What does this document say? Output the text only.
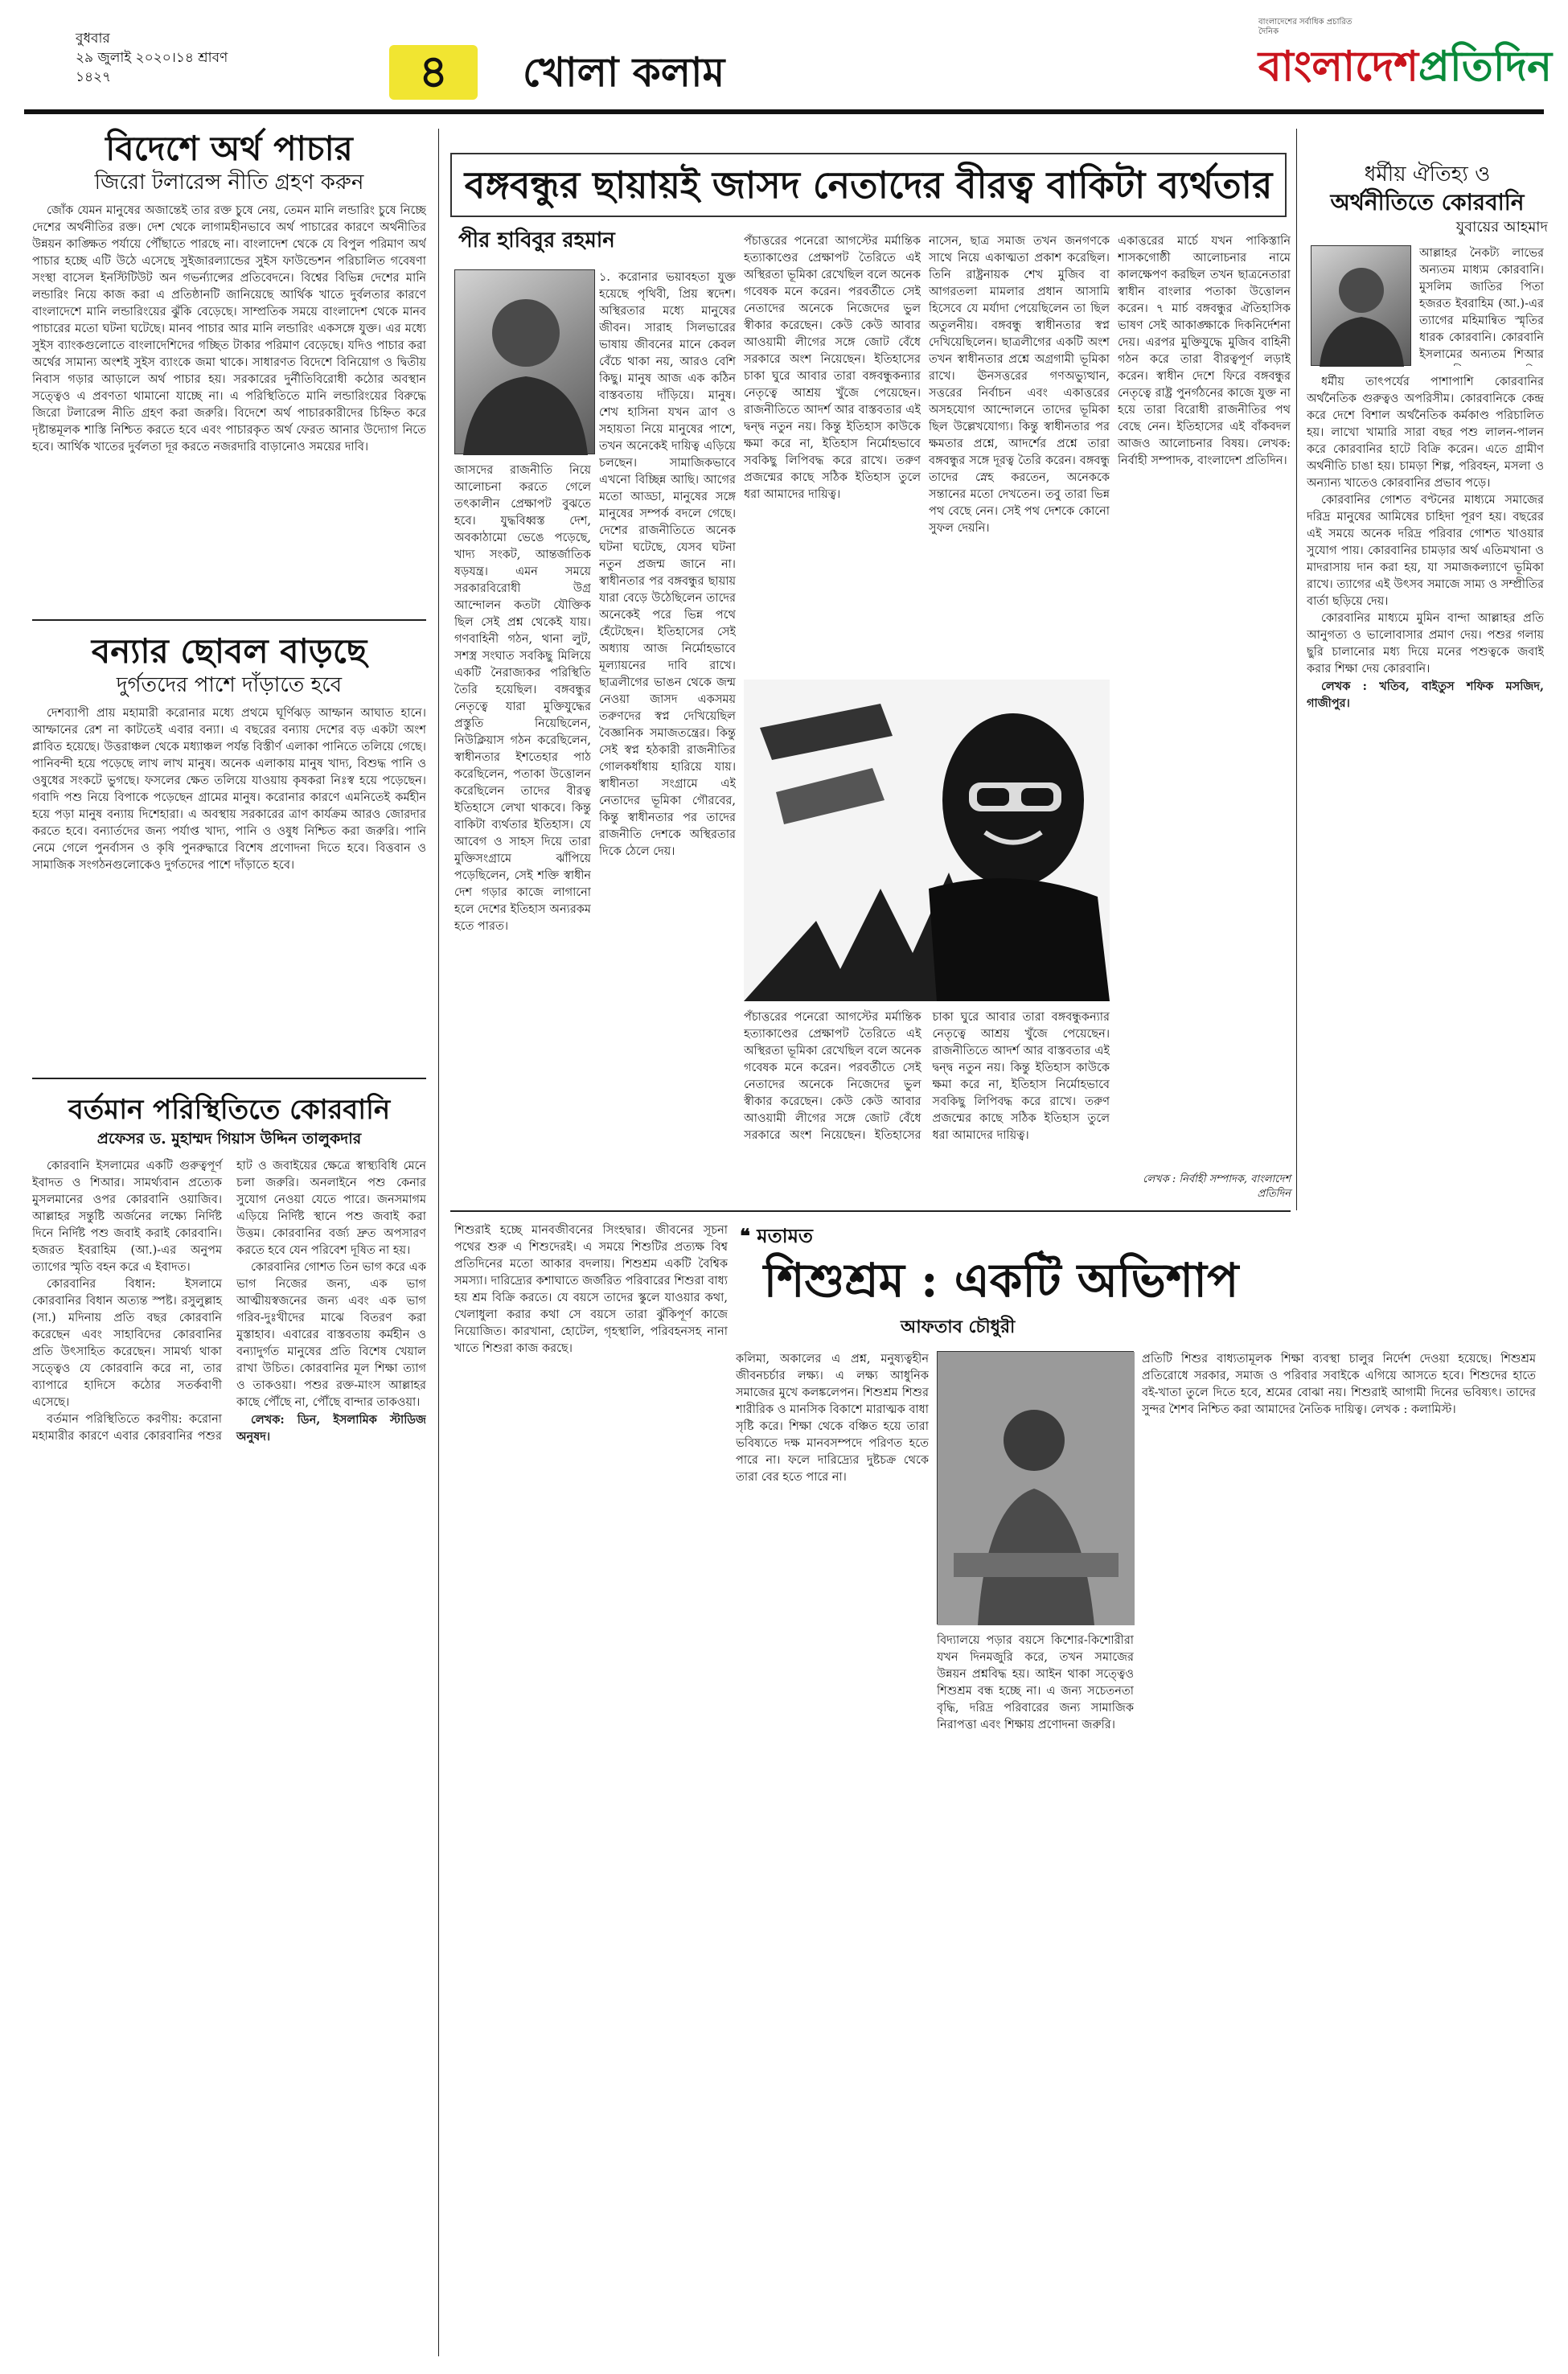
বুধবার
২৯ জুলাই ২০২০।১৪ শ্রাবণ ১৪২৭	৪	খোলা কলাম
বাংলাদেশের সর্বাধিক প্রচারিত দৈনিক
বাংলাদেশপ্রতিদিন
বিদেশে অর্থ পাচার
জিরো টলারেন্স নীতি গ্রহণ করুন

জোঁক যেমন মানুষের অজান্তেই তার রক্ত চুষে নেয়, তেমন মানি লন্ডারিং চুষে নিচ্ছে দেশের অর্থনীতির রক্ত। দেশ থেকে লাগামহীনভাবে অর্থ পাচারের কারণে অর্থনীতির উন্নয়ন কাঙ্ক্ষিত পর্যায়ে পৌঁছাতে পারছে না। বাংলাদেশ থেকে যে বিপুল পরিমাণ অর্থ পাচার হচ্ছে এটি উঠে এসেছে সুইজারল্যান্ডের সুইস ফাউন্ডেশন পরিচালিত গবেষণা সংস্থা বাসেল ইনস্টিটিউট অন গভর্ন্যান্সের প্রতিবেদনে। বিশ্বের বিভিন্ন দেশের মানি লন্ডারিং নিয়ে কাজ করা এ প্রতিষ্ঠানটি জানিয়েছে আর্থিক খাতে দুর্বলতার কারণে বাংলাদেশে মানি লন্ডারিংয়ের ঝুঁকি বেড়েছে। সাম্প্রতিক সময়ে বাংলাদেশ থেকে মানব পাচারের মতো ঘটনা ঘটেছে। মানব পাচার আর মানি লন্ডারিং একসঙ্গে যুক্ত। এর মধ্যে সুইস ব্যাংকগুলোতে বাংলাদেশিদের গচ্ছিত টাকার পরিমাণ বেড়েছে। যদিও পাচার করা অর্থের সামান্য অংশই সুইস ব্যাংকে জমা থাকে। সাধারণত বিদেশে বিনিয়োগ ও দ্বিতীয় নিবাস গড়ার আড়ালে অর্থ পাচার হয়। সরকারের দুর্নীতিবিরোধী কঠোর অবস্থান সত্ত্বেও এ প্রবণতা থামানো যাচ্ছে না। এ পরিস্থিতিতে মানি লন্ডারিংয়ের বিরুদ্ধে জিরো টলারেন্স নীতি গ্রহণ করা জরুরি। বিদেশে অর্থ পাচারকারীদের চিহ্নিত করে দৃষ্টান্তমূলক শাস্তি নিশ্চিত করতে হবে এবং পাচারকৃত অর্থ ফেরত আনার উদ্যোগ নিতে হবে। আর্থিক খাতের দুর্বলতা দূর করতে নজরদারি বাড়ানোও সময়ের দাবি।

বন্যার ছোবল বাড়ছে
দুর্গতদের পাশে দাঁড়াতে হবে

দেশব্যাপী প্রায় মহামারী করোনার মধ্যে প্রথমে ঘূর্ণিঝড় আম্ফান আঘাত হানে। আম্ফানের রেশ না কাটতেই এবার বন্যা। এ বছরের বন্যায় দেশের বড় একটা অংশ প্লাবিত হয়েছে। উত্তরাঞ্চল থেকে মধ্যাঞ্চল পর্যন্ত বিস্তীর্ণ এলাকা পানিতে তলিয়ে গেছে। পানিবন্দী হয়ে পড়েছে লাখ লাখ মানুষ। অনেক এলাকায় মানুষ খাদ্য, বিশুদ্ধ পানি ও ওষুধের সংকটে ভুগছে। ফসলের ক্ষেত তলিয়ে যাওয়ায় কৃষকরা নিঃস্ব হয়ে পড়েছেন। গবাদি পশু নিয়ে বিপাকে পড়েছেন গ্রামের মানুষ। করোনার কারণে এমনিতেই কর্মহীন হয়ে পড়া মানুষ বন্যায় দিশেহারা। এ অবস্থায় সরকারের ত্রাণ কার্যক্রম আরও জোরদার করতে হবে। বন্যার্তদের জন্য পর্যাপ্ত খাদ্য, পানি ও ওষুধ নিশ্চিত করা জরুরি। পানি নেমে গেলে পুনর্বাসন ও কৃষি পুনরুদ্ধারে বিশেষ প্রণোদনা দিতে হবে। বিত্তবান ও সামাজিক সংগঠনগুলোকেও দুর্গতদের পাশে দাঁড়াতে হবে।

বর্তমান পরিস্থিতিতে কোরবানি
প্রফেসর ড. মুহাম্মদ গিয়াস উদ্দিন তালুকদার

কোরবানি ইসলামের একটি গুরুত্বপূর্ণ ইবাদত ও শিআর। সামর্থ্যবান প্রত্যেক মুসলমানের ওপর কোরবানি ওয়াজিব। আল্লাহর সন্তুষ্টি অর্জনের লক্ষ্যে নির্দিষ্ট দিনে নির্দিষ্ট পশু জবাই করাই কোরবানি। হজরত ইবরাহিম (আ.)-এর অনুপম ত্যাগের স্মৃতি বহন করে এ ইবাদত।

কোরবানির বিধান: ইসলামে কোরবানির বিধান অত্যন্ত স্পষ্ট। রসুলুল্লাহ (সা.) মদিনায় প্রতি বছর কোরবানি করেছেন এবং সাহাবিদের কোরবানির প্রতি উৎসাহিত করেছেন। সামর্থ্য থাকা সত্ত্বেও যে কোরবানি করে না, তার ব্যাপারে হাদিসে কঠোর সতর্কবাণী এসেছে।

বর্তমান পরিস্থিতিতে করণীয়: করোনা মহামারীর কারণে এবার কোরবানির পশুর হাট ও জবাইয়ের ক্ষেত্রে স্বাস্থ্যবিধি মেনে চলা জরুরি। অনলাইনে পশু কেনার সুযোগ নেওয়া যেতে পারে। জনসমাগম এড়িয়ে নির্দিষ্ট স্থানে পশু জবাই করা উত্তম। কোরবানির বর্জ্য দ্রুত অপসারণ করতে হবে যেন পরিবেশ দূষিত না হয়।

কোরবানির গোশত তিন ভাগ করে এক ভাগ নিজের জন্য, এক ভাগ আত্মীয়স্বজনের জন্য এবং এক ভাগ গরিব-দুঃখীদের মাঝে বিতরণ করা মুস্তাহাব। এবারের বাস্তবতায় কর্মহীন ও বন্যাদুর্গত মানুষের প্রতি বিশেষ খেয়াল রাখা উচিত। কোরবানির মূল শিক্ষা ত্যাগ ও তাকওয়া। পশুর রক্ত-মাংস আল্লাহর কাছে পৌঁছে না, পৌঁছে বান্দার তাকওয়া।

লেখক: ডিন, ইসলামিক স্টাডিজ অনুষদ।

বঙ্গবন্ধুর ছায়ায়ই জাসদ নেতাদের বীরত্ব বাকিটা ব্যর্থতার
পীর হাবিবুর রহমান
১. করোনার ভয়াবহতা যুক্ত হয়েছে পৃথিবী, প্রিয় স্বদেশ। অস্থিরতার মধ্যে মানুষের জীবন। সারাহ সিলভারের ভাষায় জীবনের মানে কেবল বেঁচে থাকা নয়, আরও বেশি কিছু। মানুষ আজ এক কঠিন বাস্তবতায় দাঁড়িয়ে। মানুষ। শেখ হাসিনা যখন ত্রাণ ও সহায়তা নিয়ে মানুষের পাশে, তখন অনেকেই দায়িত্ব এড়িয়ে চলছেন। সামাজিকভাবে এখনো বিচ্ছিন্ন আছি। আগের মতো আড্ডা, মানুষের সঙ্গে মানুষের সম্পর্ক বদলে গেছে। দেশের রাজনীতিতে অনেক ঘটনা ঘটেছে, যেসব ঘটনা নতুন প্রজন্ম জানে না। স্বাধীনতার পর বঙ্গবন্ধুর ছায়ায় যারা বেড়ে উঠেছিলেন তাদের অনেকেই পরে ভিন্ন পথে হেঁটেছেন। ইতিহাসের সেই অধ্যায় আজ নির্মোহভাবে মূল্যায়নের দাবি রাখে। ছাত্রলীগের ভাঙন থেকে জন্ম নেওয়া জাসদ একসময় তরুণদের স্বপ্ন দেখিয়েছিল বৈজ্ঞানিক সমাজতন্ত্রের। কিন্তু সেই স্বপ্ন হঠকারী রাজনীতির গোলকধাঁধায় হারিয়ে যায়। স্বাধীনতা সংগ্রামে এই নেতাদের ভূমিকা গৌরবের, কিন্তু স্বাধীনতার পর তাদের রাজনীতি দেশকে অস্থিরতার দিকে ঠেলে দেয়।
জাসদের রাজনীতি নিয়ে আলোচনা করতে গেলে তৎকালীন প্রেক্ষাপট বুঝতে হবে। যুদ্ধবিধ্বস্ত দেশ, অবকাঠামো ভেঙে পড়েছে, খাদ্য সংকট, আন্তর্জাতিক ষড়যন্ত্র। এমন সময়ে সরকারবিরোধী উগ্র আন্দোলন কতটা যৌক্তিক ছিল সেই প্রশ্ন থেকেই যায়। গণবাহিনী গঠন, থানা লুট, সশস্ত্র সংঘাত সবকিছু মিলিয়ে একটি নৈরাজ্যকর পরিস্থিতি তৈরি হয়েছিল। বঙ্গবন্ধুর নেতৃত্বে যারা মুক্তিযুদ্ধের প্রস্তুতি নিয়েছিলেন, নিউক্লিয়াস গঠন করেছিলেন, স্বাধীনতার ইশতেহার পাঠ করেছিলেন, পতাকা উত্তোলন করেছিলেন তাদের বীরত্ব ইতিহাসে লেখা থাকবে। কিন্তু বাকিটা ব্যর্থতার ইতিহাস। যে আবেগ ও সাহস দিয়ে তারা মুক্তিসংগ্রামে ঝাঁপিয়ে পড়েছিলেন, সেই শক্তি স্বাধীন দেশ গড়ার কাজে লাগানো হলে দেশের ইতিহাস অন্যরকম হতে পারত।
পঁচাত্তরের পনেরো আগস্টের মর্মান্তিক হত্যাকাণ্ডের প্রেক্ষাপট তৈরিতে এই অস্থিরতা ভূমিকা রেখেছিল বলে অনেক গবেষক মনে করেন। পরবর্তীতে সেই নেতাদের অনেকে নিজেদের ভুল স্বীকার করেছেন। কেউ কেউ আবার আওয়ামী লীগের সঙ্গে জোট বেঁধে সরকারে অংশ নিয়েছেন। ইতিহাসের চাকা ঘুরে আবার তারা বঙ্গবন্ধুকন্যার নেতৃত্বে আশ্রয় খুঁজে পেয়েছেন। রাজনীতিতে আদর্শ আর বাস্তবতার এই দ্বন্দ্ব নতুন নয়। কিন্তু ইতিহাস কাউকে ক্ষমা করে না, ইতিহাস নির্মোহভাবে সবকিছু লিপিবদ্ধ করে রাখে। তরুণ প্রজন্মের কাছে সঠিক ইতিহাস তুলে ধরা আমাদের দায়িত্ব।
নাসেন, ছাত্র সমাজ তখন জনগণকে সাথে নিয়ে একাত্মতা প্রকাশ করেছিল। তিনি রাষ্ট্রনায়ক শেখ মুজিব বা আগরতলা মামলার প্রধান আসামি হিসেবে যে মর্যাদা পেয়েছিলেন তা ছিল অতুলনীয়। বঙ্গবন্ধু স্বাধীনতার স্বপ্ন দেখিয়েছিলেন। ছাত্রলীগের একটি অংশ তখন স্বাধীনতার প্রশ্নে অগ্রগামী ভূমিকা রাখে। ঊনসত্তরের গণঅভ্যুত্থান, সত্তরের নির্বাচন এবং একাত্তরের অসহযোগ আন্দোলনে তাদের ভূমিকা ছিল উল্লেখযোগ্য। কিন্তু স্বাধীনতার পর ক্ষমতার প্রশ্নে, আদর্শের প্রশ্নে তারা বঙ্গবন্ধুর সঙ্গে দূরত্ব তৈরি করেন। বঙ্গবন্ধু তাদের স্নেহ করতেন, অনেককে সন্তানের মতো দেখতেন। তবু তারা ভিন্ন পথ বেছে নেন। সেই পথ দেশকে কোনো সুফল দেয়নি।
একাত্তরের মার্চে যখন পাকিস্তানি শাসকগোষ্ঠী আলোচনার নামে কালক্ষেপণ করছিল তখন ছাত্রনেতারা স্বাধীন বাংলার পতাকা উত্তোলন করেন। ৭ মার্চ বঙ্গবন্ধুর ঐতিহাসিক ভাষণ সেই আকাঙ্ক্ষাকে দিকনির্দেশনা দেয়। এরপর মুক্তিযুদ্ধে মুজিব বাহিনী গঠন করে তারা বীরত্বপূর্ণ লড়াই করেন। স্বাধীন দেশে ফিরে বঙ্গবন্ধুর নেতৃত্বে রাষ্ট্র পুনর্গঠনের কাজে যুক্ত না হয়ে তারা বিরোধী রাজনীতির পথ বেছে নেন। ইতিহাসের এই বাঁকবদল আজও আলোচনার বিষয়। লেখক: নির্বাহী সম্পাদক, বাংলাদেশ প্রতিদিন।
পঁচাত্তরের পনেরো আগস্টের মর্মান্তিক হত্যাকাণ্ডের প্রেক্ষাপট তৈরিতে এই অস্থিরতা ভূমিকা রেখেছিল বলে অনেক গবেষক মনে করেন। পরবর্তীতে সেই নেতাদের অনেকে নিজেদের ভুল স্বীকার করেছেন। কেউ কেউ আবার আওয়ামী লীগের সঙ্গে জোট বেঁধে সরকারে অংশ নিয়েছেন। ইতিহাসের চাকা ঘুরে আবার তারা বঙ্গবন্ধুকন্যার নেতৃত্বে আশ্রয় খুঁজে পেয়েছেন। রাজনীতিতে আদর্শ আর বাস্তবতার এই দ্বন্দ্ব নতুন নয়। কিন্তু ইতিহাস কাউকে ক্ষমা করে না, ইতিহাস নির্মোহভাবে সবকিছু লিপিবদ্ধ করে রাখে। তরুণ প্রজন্মের কাছে সঠিক ইতিহাস তুলে ধরা আমাদের দায়িত্ব।
লেখক : নির্বাহী সম্পাদক, বাংলাদেশ প্রতিদিন
❝ মতামত
শিশুশ্রম : একটি অভিশাপ
আফতাব চৌধুরী
শিশুরাই হচ্ছে মানবজীবনের সিংহদ্বার। জীবনের সূচনা পথের শুরু এ শিশুদেরই। এ সময়ে শিশুটির প্রত্যক্ষ বিশ্ব প্রতিদিনের মতো আকার বদলায়। শিশুশ্রম একটি বৈশ্বিক সমস্যা। দারিদ্র্যের কশাঘাতে জর্জরিত পরিবারের শিশুরা বাধ্য হয় শ্রম বিক্রি করতে। যে বয়সে তাদের স্কুলে যাওয়ার কথা, খেলাধুলা করার কথা সে বয়সে তারা ঝুঁকিপূর্ণ কাজে নিয়োজিত। কারখানা, হোটেল, গৃহস্থালি, পরিবহনসহ নানা খাতে শিশুরা কাজ করছে।
কলিমা, অকালের এ প্রশ্ন, মনুষ্যত্বহীন জীবনচর্চার লক্ষ্য। এ লক্ষ্য আধুনিক সমাজের মুখে কলঙ্কলেপন। শিশুশ্রম শিশুর শারীরিক ও মানসিক বিকাশে মারাত্মক বাধা সৃষ্টি করে। শিক্ষা থেকে বঞ্চিত হয়ে তারা ভবিষ্যতে দক্ষ মানবসম্পদে পরিণত হতে পারে না। ফলে দারিদ্র্যের দুষ্টচক্র থেকে তারা বের হতে পারে না।
বিদ্যালয়ে পড়ার বয়সে কিশোর-কিশোরীরা যখন দিনমজুরি করে, তখন সমাজের উন্নয়ন প্রশ্নবিদ্ধ হয়। আইন থাকা সত্ত্বেও শিশুশ্রম বন্ধ হচ্ছে না। এ জন্য সচেতনতা বৃদ্ধি, দরিদ্র পরিবারের জন্য সামাজিক নিরাপত্তা এবং শিক্ষায় প্রণোদনা জরুরি।
প্রতিটি শিশুর বাধ্যতামূলক শিক্ষা ব্যবস্থা চালুর নির্দেশ দেওয়া হয়েছে। শিশুশ্রম প্রতিরোধে সরকার, সমাজ ও পরিবার সবাইকে এগিয়ে আসতে হবে। শিশুদের হাতে বই-খাতা তুলে দিতে হবে, শ্রমের বোঝা নয়। শিশুরাই আগামী দিনের ভবিষ্যৎ। তাদের সুন্দর শৈশব নিশ্চিত করা আমাদের নৈতিক দায়িত্ব। লেখক : কলামিস্ট।
ধর্মীয় ঐতিহ্য ও
অর্থনীতিতে কোরবানি
যুবায়ের আহমাদ
আল্লাহর নৈকট্য লাভের অন্যতম মাধ্যম কোরবানি। মুসলিম জাতির পিতা হজরত ইবরাহিম (আ.)-এর ত্যাগের মহিমান্বিত স্মৃতির ধারক কোরবানি। কোরবানি ইসলামের অন্যতম শিআর

ধর্মীয় তাৎপর্যের পাশাপাশি কোরবানির অর্থনৈতিক গুরুত্বও অপরিসীম। কোরবানিকে কেন্দ্র করে দেশে বিশাল অর্থনৈতিক কর্মকাণ্ড পরিচালিত হয়। লাখো খামারি সারা বছর পশু লালন-পালন করে কোরবানির হাটে বিক্রি করেন। এতে গ্রামীণ অর্থনীতি চাঙা হয়। চামড়া শিল্প, পরিবহন, মসলা ও অন্যান্য খাতেও কোরবানির প্রভাব পড়ে।

কোরবানির গোশত বণ্টনের মাধ্যমে সমাজের দরিদ্র মানুষের আমিষের চাহিদা পূরণ হয়। বছরের এই সময়ে অনেক দরিদ্র পরিবার গোশত খাওয়ার সুযোগ পায়। কোরবানির চামড়ার অর্থ এতিমখানা ও মাদরাসায় দান করা হয়, যা সমাজকল্যাণে ভূমিকা রাখে। ত্যাগের এই উৎসব সমাজে সাম্য ও সম্প্রীতির বার্তা ছড়িয়ে দেয়।

কোরবানির মাধ্যমে মুমিন বান্দা আল্লাহর প্রতি আনুগত্য ও ভালোবাসার প্রমাণ দেয়। পশুর গলায় ছুরি চালানোর মধ্য দিয়ে মনের পশুত্বকে জবাই করার শিক্ষা দেয় কোরবানি।

লেখক : খতিব, বাইতুস শফিক মসজিদ, গাজীপুর।
